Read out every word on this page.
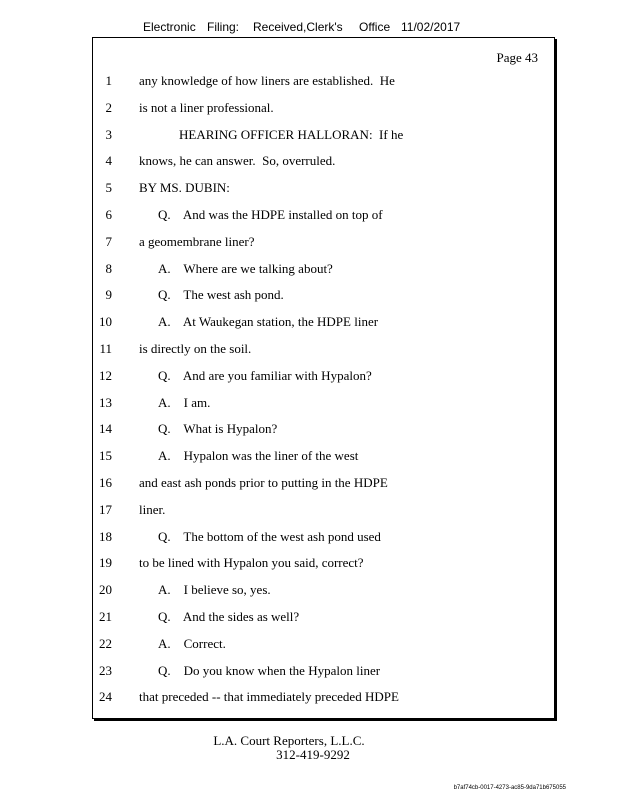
Electronic Filing: Received,Clerk's Office 11/02/2017
Page 43
1 any knowledge of how liners are established.  He
2 is not a liner professional.
3	HEARING OFFICER HALLORAN:  If he
4 knows, he can answer.  So, overruled.
5 BY MS. DUBIN:
6	Q.    And was the HDPE installed on top of
7 a geomembrane liner?
8	A.    Where are we talking about?
9	Q.    The west ash pond.
10	A.    At Waukegan station, the HDPE liner
11 is directly on the soil.
12	Q.    And are you familiar with Hypalon?
13	A.    I am.
14	Q.    What is Hypalon?
15	A.    Hypalon was the liner of the west
16 and east ash ponds prior to putting in the HDPE
17 liner.
18	Q.    The bottom of the west ash pond used
19 to be lined with Hypalon you said, correct?
20	A.    I believe so, yes.
21	Q.    And the sides as well?
22	A.    Correct.
23	Q.    Do you know when the Hypalon liner
24 that preceded -- that immediately preceded HDPE
L.A. Court Reporters, L.L.C.
312-419-9292
b7af74cb-0017-4273-ac85-9da71b675055
